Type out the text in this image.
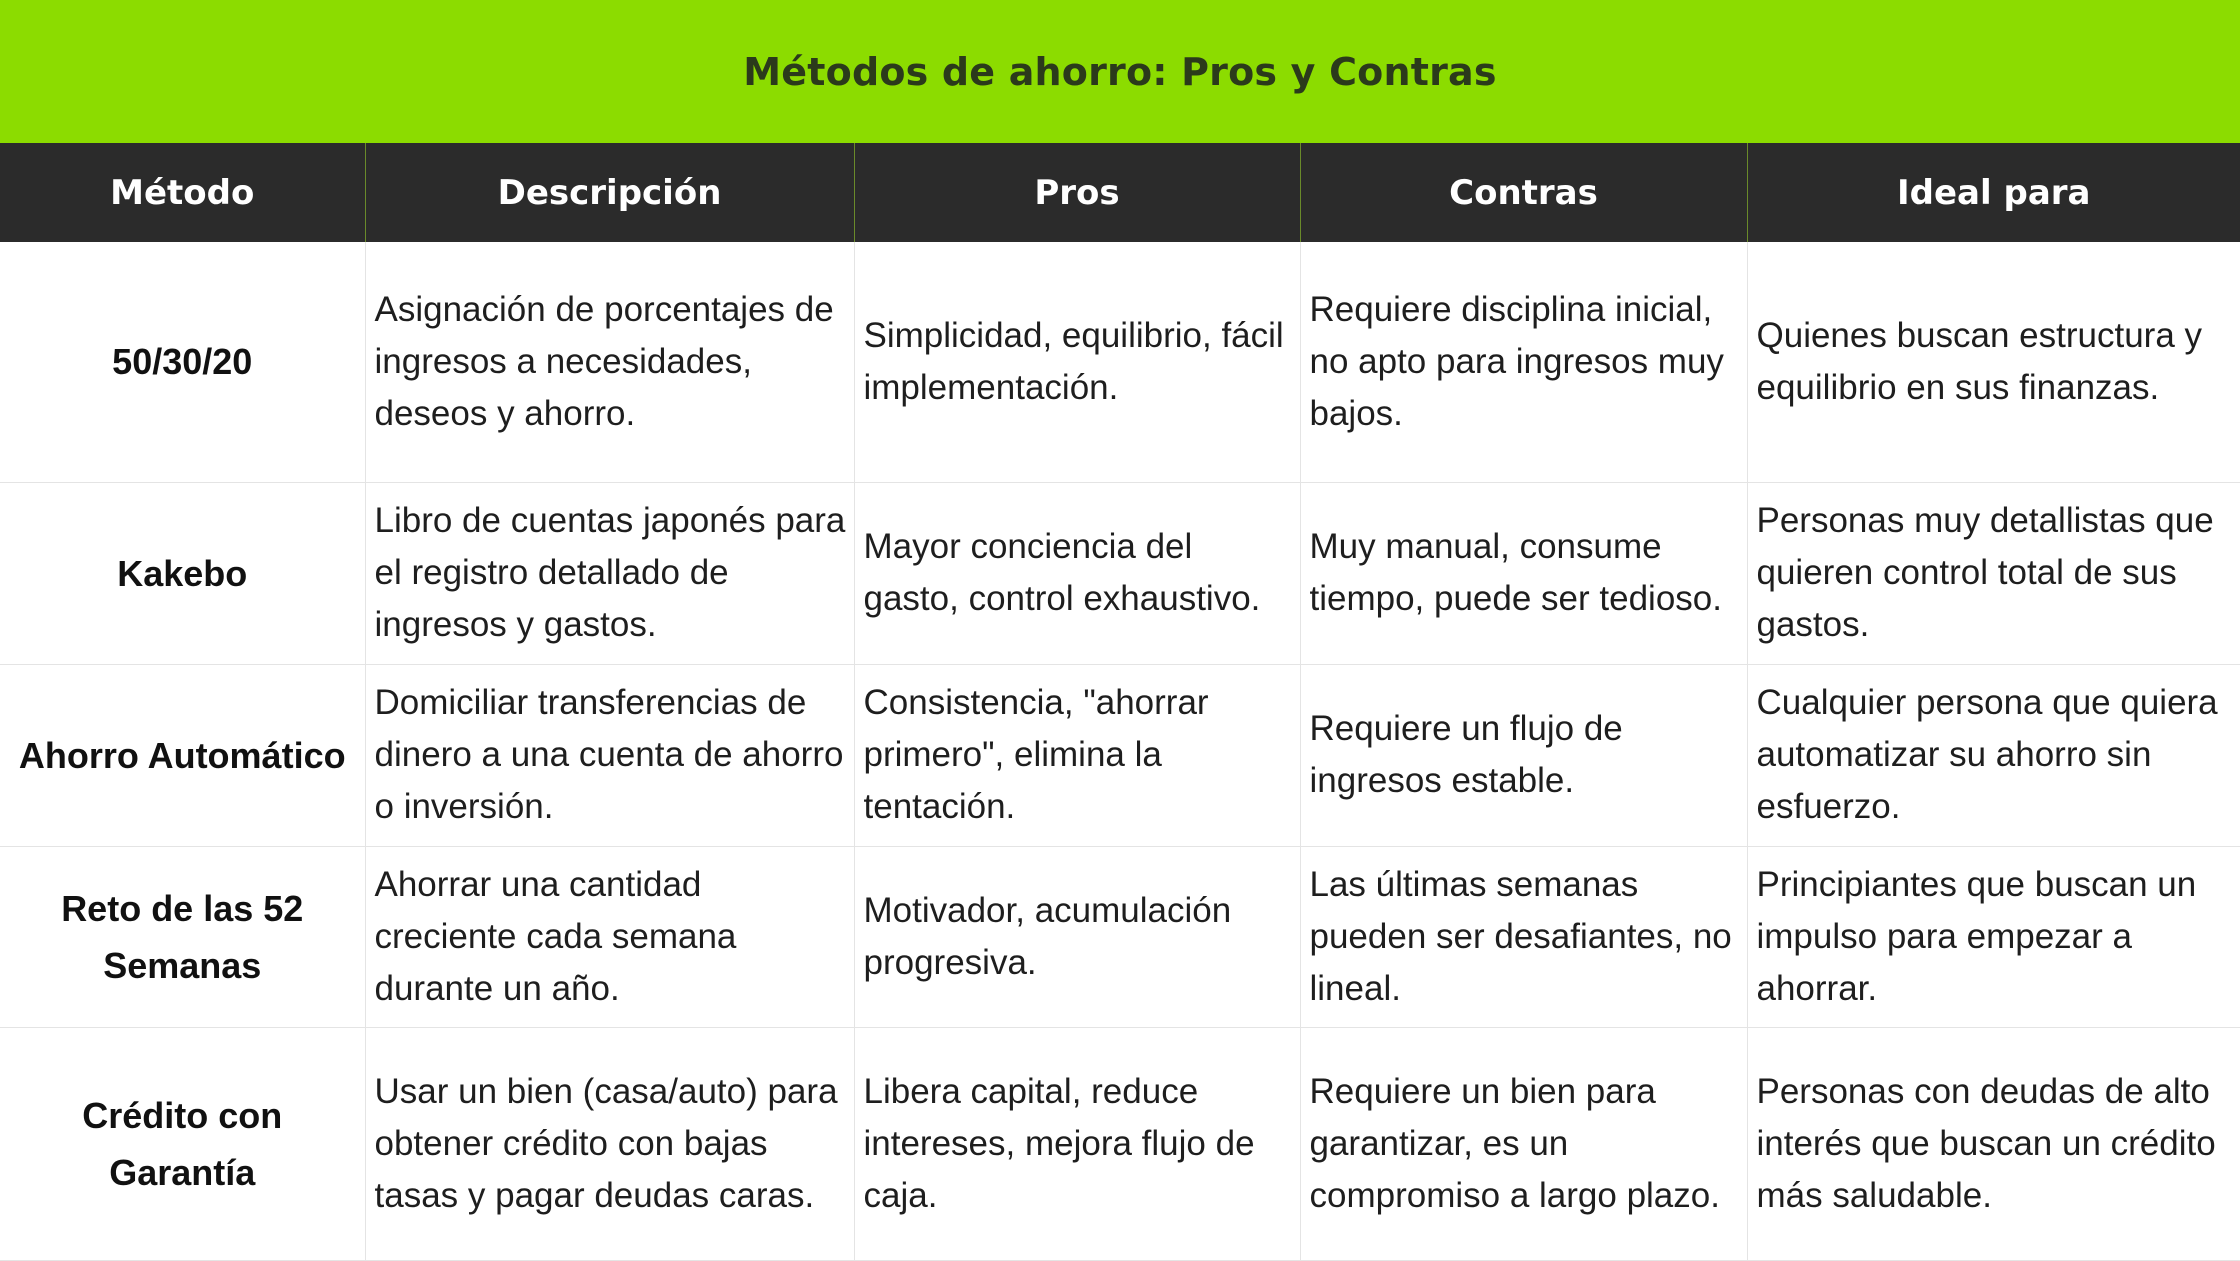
Métodos de ahorro: Pros y Contras
Método	Descripción	Pros	Contras	Ideal para
50/30/20	Asignación de porcentajes de ingresos a necesidades, deseos y ahorro.	Simplicidad, equilibrio, fácil implementación.	Requiere disciplina inicial, no apto para ingresos muy bajos.	Quienes buscan estructura y equilibrio en sus finanzas.
Kakebo	Libro de cuentas japonés para el registro detallado de ingresos y gastos.	Mayor conciencia del gasto, control exhaustivo.	Muy manual, consume tiempo, puede ser tedioso.	Personas muy detallistas que quieren control total de sus gastos.
Ahorro Automático	Domiciliar transferencias de dinero a una cuenta de ahorro o inversión.	Consistencia, "ahorrar primero", elimina la tentación.	Requiere un flujo de ingresos estable.	Cualquier persona que quiera automatizar su ahorro sin esfuerzo.
Reto de las 52 Semanas	Ahorrar una cantidad creciente cada semana durante un año.	Motivador, acumulación progresiva.	Las últimas semanas pueden ser desafiantes, no lineal.	Principiantes que buscan un impulso para empezar a ahorrar.
Crédito con Garantía	Usar un bien (casa/auto) para obtener crédito con bajas tasas y pagar deudas caras.	Libera capital, reduce intereses, mejora flujo de caja.	Requiere un bien para garantizar, es un compromiso a largo plazo.	Personas con deudas de alto interés que buscan un crédito más saludable.
